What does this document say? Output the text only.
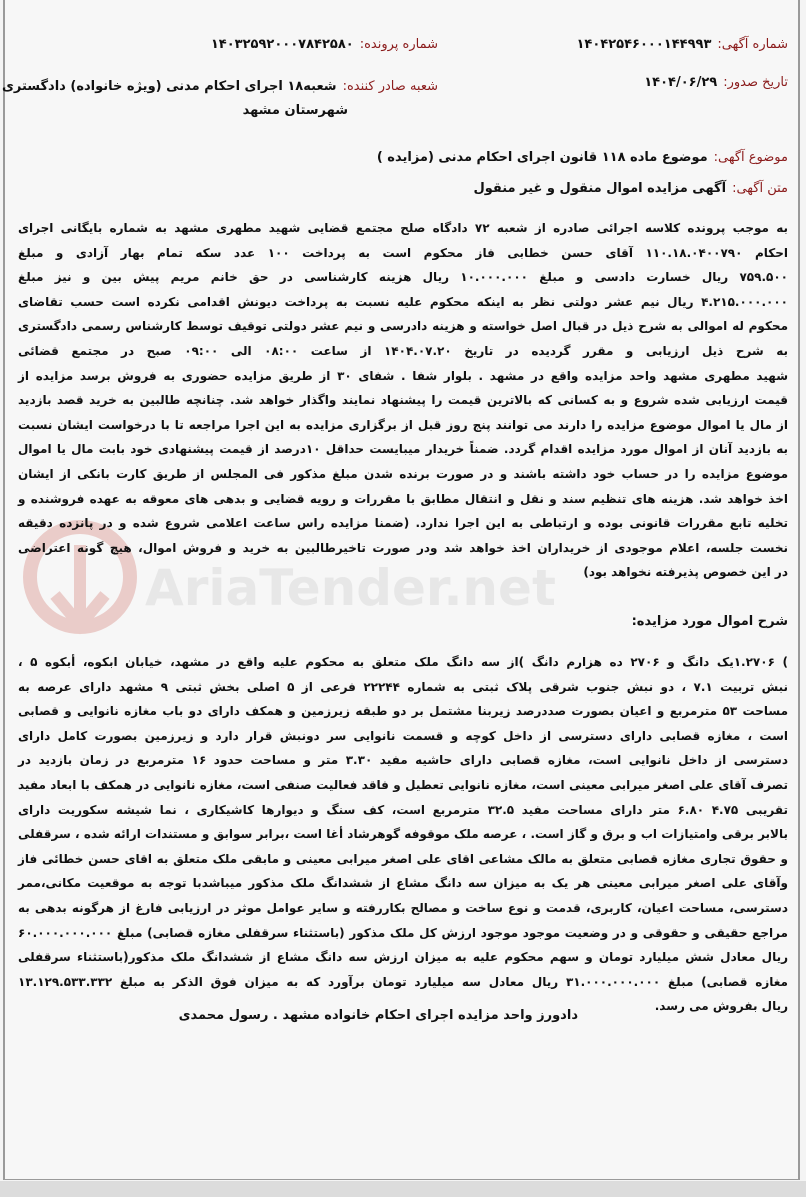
AriaTender.net
شماره آگهی:۱۴۰۴۲۵۴۶۰۰۰۱۴۴۹۹۳
شماره پرونده:۱۴۰۳۲۵۹۲۰۰۰۷۸۴۲۵۸۰
تاریخ صدور:۱۴۰۴/۰۶/۲۹
شعبه صادر کننده:شعبه۱۸ اجرای احکام مدنی (ویژه خانواده) دادگستری
شهرستان مشهد
موضوع آگهی:موضوع ماده ۱۱۸ قانون اجرای احکام مدنی (مزایده )
متن آگهی:آگهی مزایده اموال منقول و غیر منقول
به موجب پرونده کلاسه اجرائی صادره از شعبه ۷۲ دادگاه صلح مجتمع قضایی شهید مطهری مشهد به شماره بایگانی اجرای
احکام ۱۱۰.۱۸.۰۴۰۰۷۹۰ آقای حسن خطابی فاز محکوم است به پرداخت ۱۰۰ عدد سکه تمام بهار آزادی و مبلغ
۷۵۹.۵۰۰ ریال خسارت دادسی و مبلغ ۱۰.۰۰۰.۰۰۰ ریال هزینه کارشناسی در حق خانم مریم پیش بین و نیز مبلغ
۴.۲۱۵.۰۰۰.۰۰۰ ریال نیم عشر دولتی نظر به اینکه محکوم علیه نسبت به پرداخت دیونش اقدامی نکرده است حسب تقاضای
محکوم له اموالی به شرح ذیل در قبال اصل خواسته و هزینه دادرسی و نیم عشر دولتی توقیف توسط کارشناس رسمی دادگستری
به شرح ذیل ارزیابی و مقرر گردیده در تاریخ ۱۴۰۴.۰۷.۲۰ از ساعت ۰۸:۰۰ الی ۰۹:۰۰ صبح در مجتمع قضائی
شهید مطهری مشهد واحد مزایده واقع در مشهد . بلوار شفا . شفای ۳۰ از طریق مزایده حضوری به فروش برسد مزایده از
قیمت ارزیابی شده شروع و به کسانی که بالاترین قیمت را پیشنهاد نمایند واگذار خواهد شد. چنانچه طالبین به خرید قصد بازدید
از مال یا اموال موضوع مزایده را دارند می توانند پنج روز قبل از برگزاری مزایده به این اجرا مراجعه تا با درخواست ایشان نسبت
به بازدید آنان از اموال مورد مزایده اقدام گردد. ضمناً خریدار میبایست حداقل ۱۰درصد از قیمت پیشنهادی خود بابت مال یا اموال
موضوع مزایده را در حساب خود داشته باشند و در صورت برنده شدن مبلغ مذکور فی المجلس از طریق کارت بانکی از ایشان
اخذ خواهد شد. هزینه های تنظیم سند و نقل و انتقال مطابق با مقررات و رویه قضایی و بدهی های معوقه به عهده فروشنده و
تخلیه تابع مقررات قانونی بوده و ارتباطی به این اجرا ندارد. (ضمنا مزایده راس ساعت اعلامی شروع شده و در پانزده دقیقه
نخست جلسه، اعلام موجودی از خریداران اخذ خواهد شد ودر صورت تاخیرطالبین به خرید و فروش اموال، هیچ گونه اعتراضی
در این خصوص پذیرفته نخواهد بود)
شرح اموال مورد مزایده:
) ۱.۲۷۰۶یک دانگ و ۲۷۰۶ ده هزارم دانگ )از سه دانگ ملک متعلق به محکوم علیه واقع در مشهد، خیابان ابکوه، أبکوه ۵ ،
نبش تربیت ۷.۱ ، دو نبش جنوب شرقی پلاک ثبتی به شماره ۲۲۲۴۴ فرعی از ۵ اصلی بخش ثبتی ۹ مشهد دارای عرصه به
مساحت ۵۳ مترمربع و اعیان بصورت صددرصد زیربنا مشتمل بر دو طبقه زیرزمین و همکف دارای دو باب مغازه نانوایی و قصابی
است ، مغازه قصابی دارای دسترسی از داخل کوچه و قسمت نانوایی سر دونبش قرار دارد و زیرزمین بصورت کامل دارای
دسترسی از داخل نانوایی است، مغازه قصابی دارای حاشیه مفید ۳.۳۰ متر و مساحت حدود ۱۶ مترمربع در زمان بازدید در
تصرف آقای علی اصغر میرابی معینی است، مغازه نانوایی تعطیل و فاقد فعالیت صنفی است، مغازه نانوایی در همکف با ابعاد مفید
تقریبی ۴.۷۵ ۶.۸۰ متر دارای مساحت مفید ۳۲.۵ مترمربع است، کف سنگ و دیوارها کاشیکاری ، نما شیشه سکوریت دارای
بالابر برقی وامتیازات اب و برق و گاز است. ، عرصه ملک موقوفه گوهرشاد أغا است ،برابر سوابق و مستندات ارائه شده ، سرقفلی
و حقوق تجاری مغازه قصابی متعلق به مالک مشاعی اقای علی اصغر میرابی معینی و مابقی ملک متعلق به اقای حسن خطائی فاز
وآقای علی اصغر میرابی معینی هر یک به میزان سه دانگ مشاع از ششدانگ ملک مذکور میباشدبا توجه به موقعیت مکانی،ممر
دسترسی، مساحت اعیان، کاربری، قدمت و نوع ساخت و مصالح بکاررفته و سایر عوامل موثر در ارزیابی فارغ از هرگونه بدهی به
مراجع حقیقی و حقوقی و در وضعیت موجود موجود ارزش کل ملک مذکور (باستثناء سرقفلی مغازه قصابی) مبلغ ۶۰.۰۰۰.۰۰۰.۰۰۰
ریال معادل شش میلیارد تومان و سهم محکوم علیه به میزان ارزش سه دانگ مشاع از ششدانگ ملک مذکور(باستثناء سرقفلی
مغازه قصابی) مبلغ ۳۱.۰۰۰.۰۰۰.۰۰۰ ریال معادل سه میلیارد تومان برآورد که به میزان فوق الذکر به مبلغ ۱۳.۱۲۹.۵۳۳.۳۳۲
ریال بفروش می رسد.
دادورز واحد مزایده اجرای احکام خانواده مشهد . رسول محمدی
